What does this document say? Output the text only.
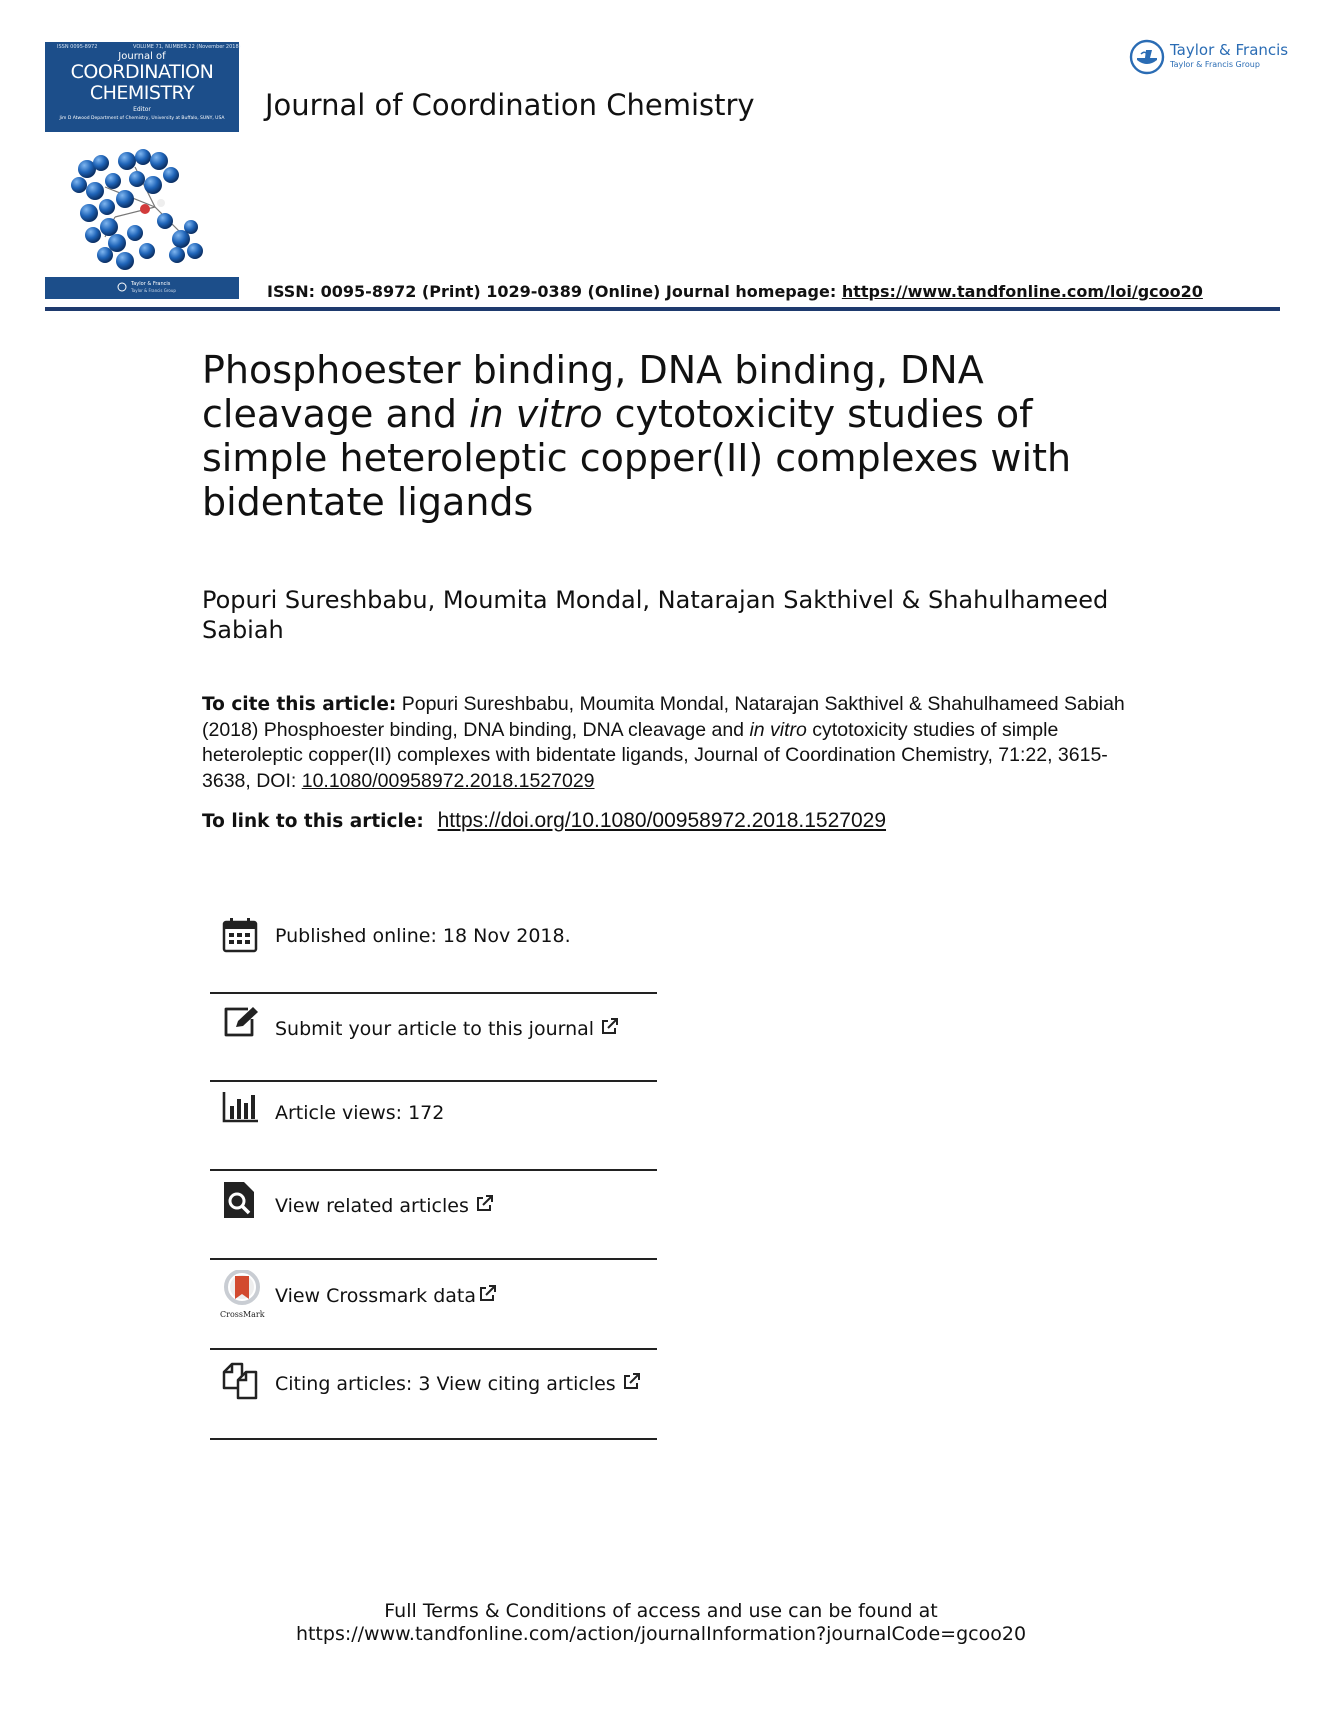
ISSN 0095-8972	VOLUME 71, NUMBER 22 (November 2018)
Journal of
COORDINATION
CHEMISTRY
Editor
Jim D Atwood Department of Chemistry, University at Buffalo, SUNY, USA
Taylor & Francis
Taylor & Francis Group
Journal of Coordination Chemistry
Taylor & Francis
Taylor & Francis Group
ISSN: 0095-8972 (Print) 1029-0389 (Online) Journal homepage: https://www.tandfonline.com/loi/gcoo20
Phosphoester binding, DNA binding, DNA cleavage and in vitro cytotoxicity studies of simple heteroleptic copper(II) complexes with bidentate ligands
Popuri Sureshbabu, Moumita Mondal, Natarajan Sakthivel & Shahulhameed Sabiah
To cite this article: Popuri Sureshbabu, Moumita Mondal, Natarajan Sakthivel & Shahulhameed Sabiah (2018) Phosphoester binding, DNA binding, DNA cleavage and in vitro cytotoxicity studies of simple heteroleptic copper(II) complexes with bidentate ligands, Journal of Coordination Chemistry, 71:22, 3615-3638, DOI: 10.1080/00958972.2018.1527029
To link to this article: https://doi.org/10.1080/00958972.2018.1527029
Published online: 18 Nov 2018.
Submit your article to this journal
Article views: 172
View related articles
CrossMark
View Crossmark data
Citing articles: 3 View citing articles
Full Terms & Conditions of access and use can be found at
https://www.tandfonline.com/action/journalInformation?journalCode=gcoo20
